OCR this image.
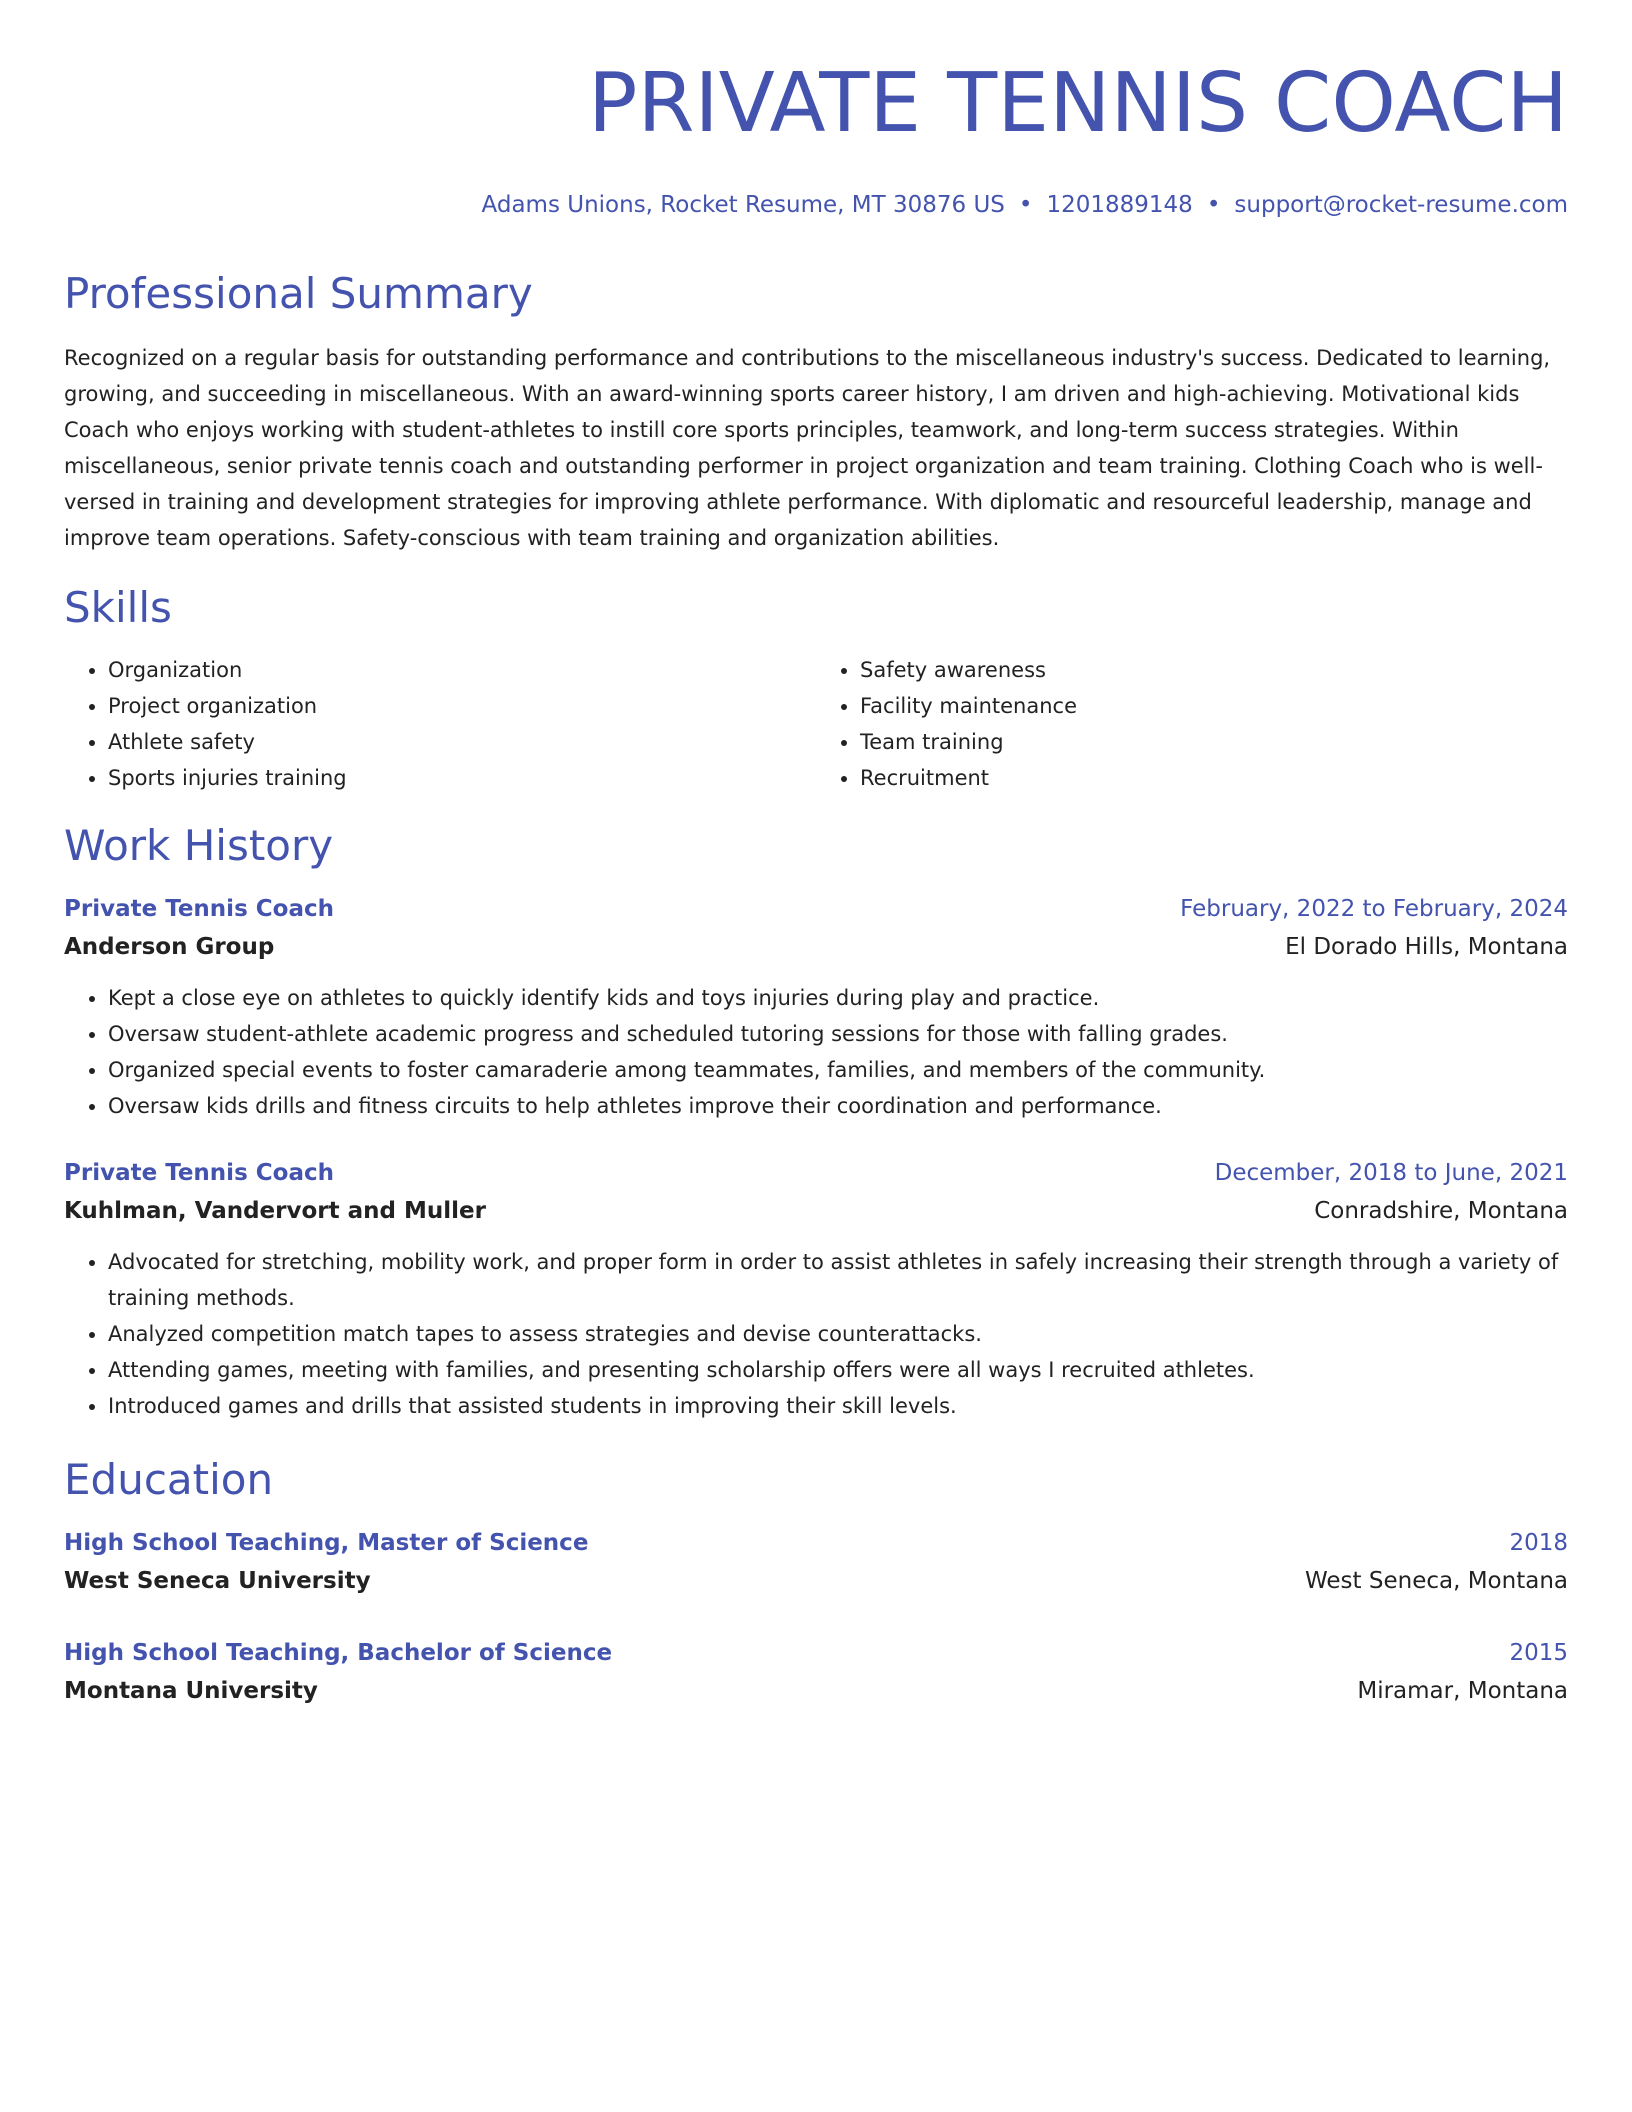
PRIVATE TENNIS COACH
Adams Unions, Rocket Resume, MT 30876 US • 1201889148 • support@rocket-resume.com
Professional Summary
Recognized on a regular basis for outstanding performance and contributions to the miscellaneous industry's success. Dedicated to learning, growing, and succeeding in miscellaneous. With an award-winning sports career history, I am driven and high-achieving. Motivational kids Coach who enjoys working with student-athletes to instill core sports principles, teamwork, and long-term success strategies. Within miscellaneous, senior private tennis coach and outstanding performer in project organization and team training. Clothing Coach who is well-versed in training and development strategies for improving athlete performance. With diplomatic and resourceful leadership, manage and improve team operations. Safety-conscious with team training and organization abilities.
Skills
• Organization
• Project organization
• Athlete safety
• Sports injuries training
• Safety awareness
• Facility maintenance
• Team training
• Recruitment
Work History
Private Tennis Coach	February, 2022 to February, 2024
Anderson Group	El Dorado Hills, Montana
• Kept a close eye on athletes to quickly identify kids and toys injuries during play and practice.
• Oversaw student-athlete academic progress and scheduled tutoring sessions for those with falling grades.
• Organized special events to foster camaraderie among teammates, families, and members of the community.
• Oversaw kids drills and fitness circuits to help athletes improve their coordination and performance.
Private Tennis Coach	December, 2018 to June, 2021
Kuhlman, Vandervort and Muller	Conradshire, Montana
• Advocated for stretching, mobility work, and proper form in order to assist athletes in safely increasing their strength through a variety of training methods.
• Analyzed competition match tapes to assess strategies and devise counterattacks.
• Attending games, meeting with families, and presenting scholarship offers were all ways I recruited athletes.
• Introduced games and drills that assisted students in improving their skill levels.
Education
High School Teaching, Master of Science	2018
West Seneca University	West Seneca, Montana
High School Teaching, Bachelor of Science	2015
Montana University	Miramar, Montana
